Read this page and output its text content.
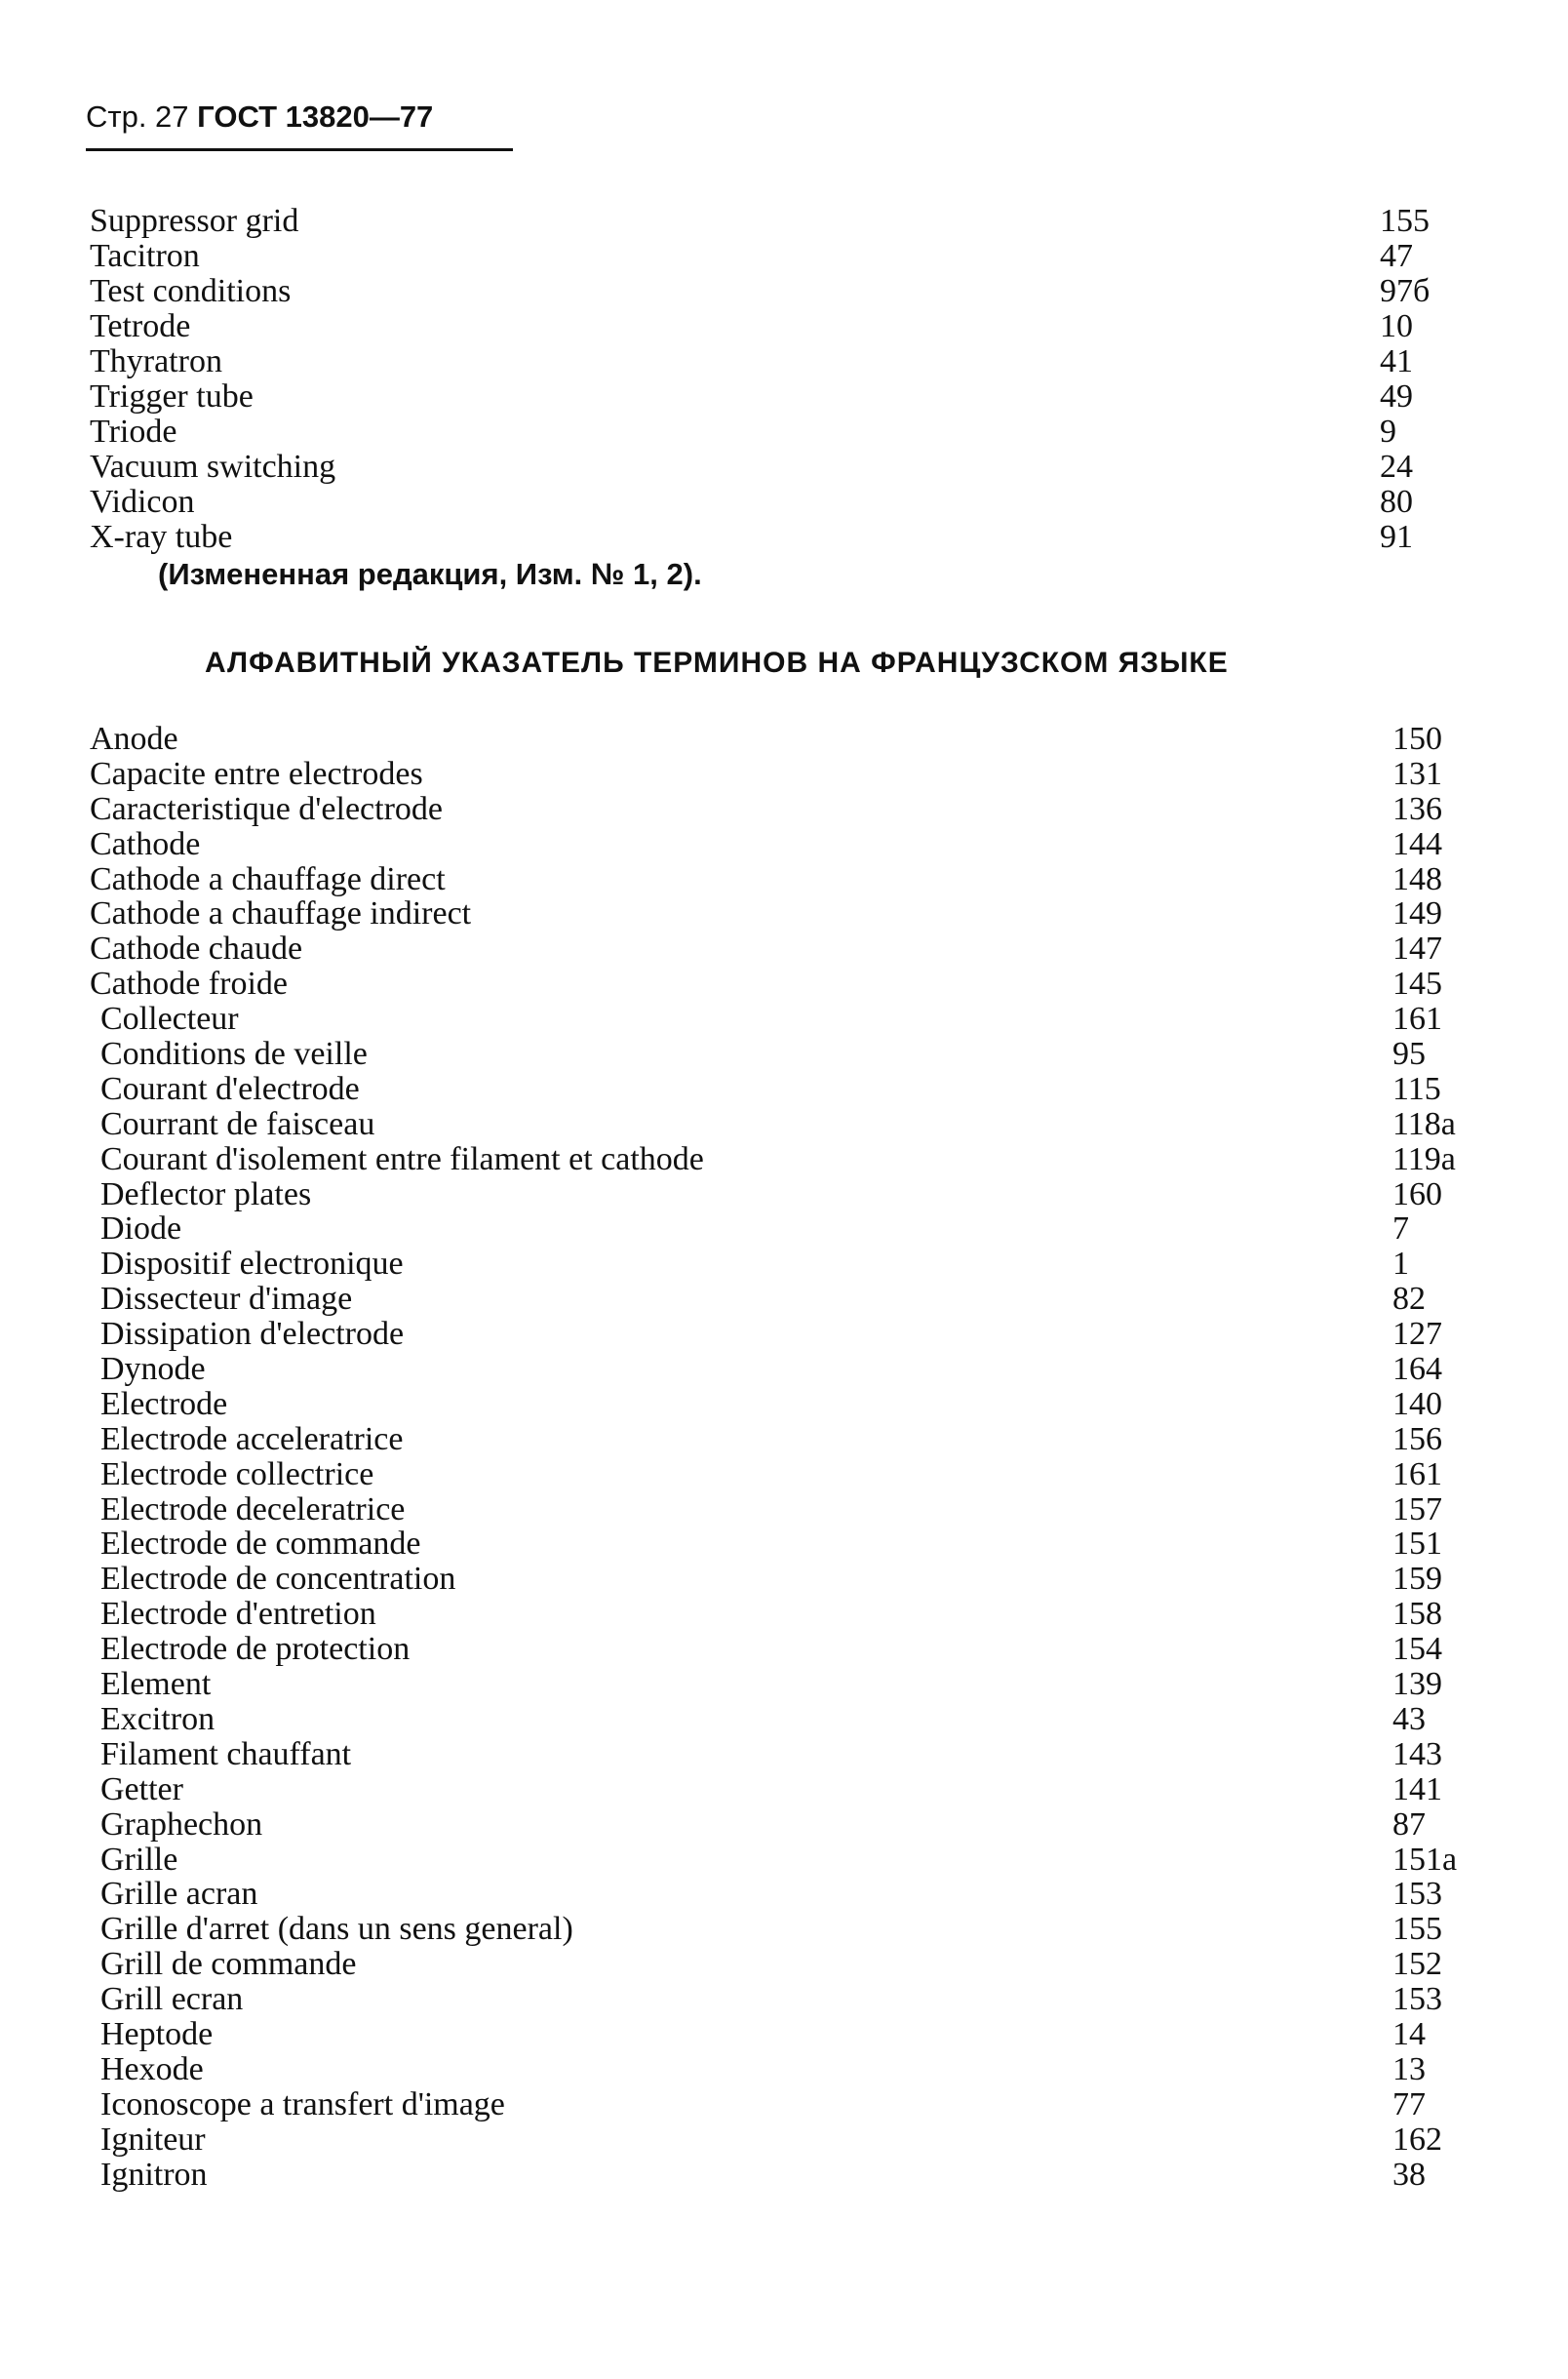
Стр. 27 ГОСТ 13820—77
Suppressor grid	155
Tacitron	47
Test conditions	97б
Tetrode	10
Thyratron	41
Trigger tube	49
Triode	9
Vacuum switching	24
Vidicon	80
X-ray tube	91
(Измененная редакция, Изм. № 1, 2).
АЛФАВИТНЫЙ УКАЗАТЕЛЬ ТЕРМИНОВ НА ФРАНЦУЗСКОМ ЯЗЫКЕ
Anode	150
Capacite entre electrodes	131
Caracteristique d'electrode	136
Cathode	144
Cathode a chauffage direct	148
Cathode a chauffage indirect	149
Cathode chaude	147
Cathode froide	145
Collecteur	161
Conditions de veille	95
Courant d'electrode	115
Courrant de faisceau	118a
Courant d'isolement entre filament et cathode	119a
Deflector plates	160
Diode	7
Dispositif electronique	1
Dissecteur d'image	82
Dissipation d'electrode	127
Dynode	164
Electrode	140
Electrode acceleratrice	156
Electrode collectrice	161
Electrode deceleratrice	157
Electrode de commande	151
Electrode de concentration	159
Electrode d'entretion	158
Electrode de protection	154
Element	139
Excitron	43
Filament chauffant	143
Getter	141
Graphechon	87
Grille	151a
Grille acran	153
Grille d'arret (dans un sens general)	155
Grill de commande	152
Grill ecran	153
Heptode	14
Hexode	13
Iconoscope a transfert d'image	77
Igniteur	162
Ignitron	38
